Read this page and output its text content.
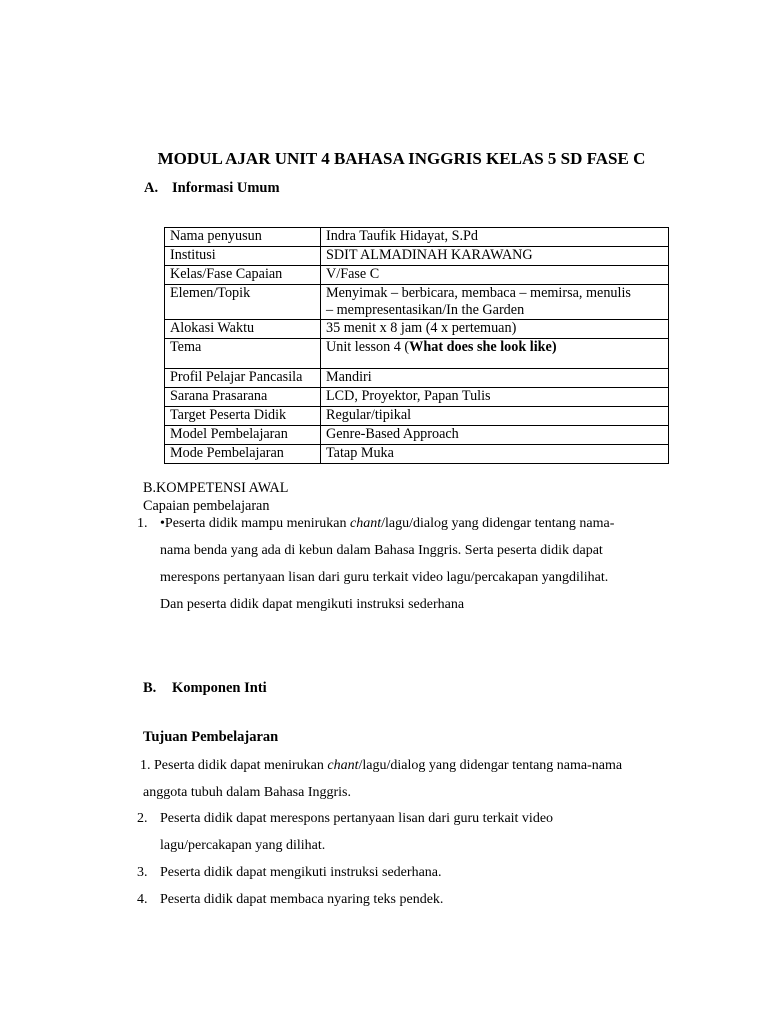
MODUL AJAR UNIT 4 BAHASA INGGRIS KELAS 5 SD FASE C
A. Informasi Umum
Nama penyusun	Indra Taufik Hidayat, S.Pd
Institusi	SDIT ALMADINAH KARAWANG
Kelas/Fase Capaian	V/Fase C
Elemen/Topik	Menyimak – berbicara, membaca – memirsa, menulis
– mempresentasikan/In the Garden

Alokasi Waktu	35 menit x 8 jam (4 x pertemuan)
Tema	Unit lesson 4 (What does she look like)
Profil Pelajar Pancasila	Mandiri
Sarana Prasarana	LCD, Proyektor, Papan Tulis
Target Peserta Didik	Regular/tipikal
Model Pembelajaran	Genre-Based Approach
Mode Pembelajaran	Tatap Muka
B.KOMPETENSI AWAL
Capaian pembelajaran
1. •Peserta didik mampu menirukan chant/lagu/dialog yang didengar tentang nama-
nama benda yang ada di kebun dalam Bahasa Inggris. Serta peserta didik dapat
merespons pertanyaan lisan dari guru terkait video lagu/percakapan yangdilihat.
Dan peserta didik dapat mengikuti instruksi sederhana
B. Komponen Inti
Tujuan Pembelajaran
1. Peserta didik dapat menirukan chant/lagu/dialog yang didengar tentang nama-nama
anggota tubuh dalam Bahasa Inggris.
2. Peserta didik dapat merespons pertanyaan lisan dari guru terkait video
lagu/percakapan yang dilihat.
3. Peserta didik dapat mengikuti instruksi sederhana.
4. Peserta didik dapat membaca nyaring teks pendek.
